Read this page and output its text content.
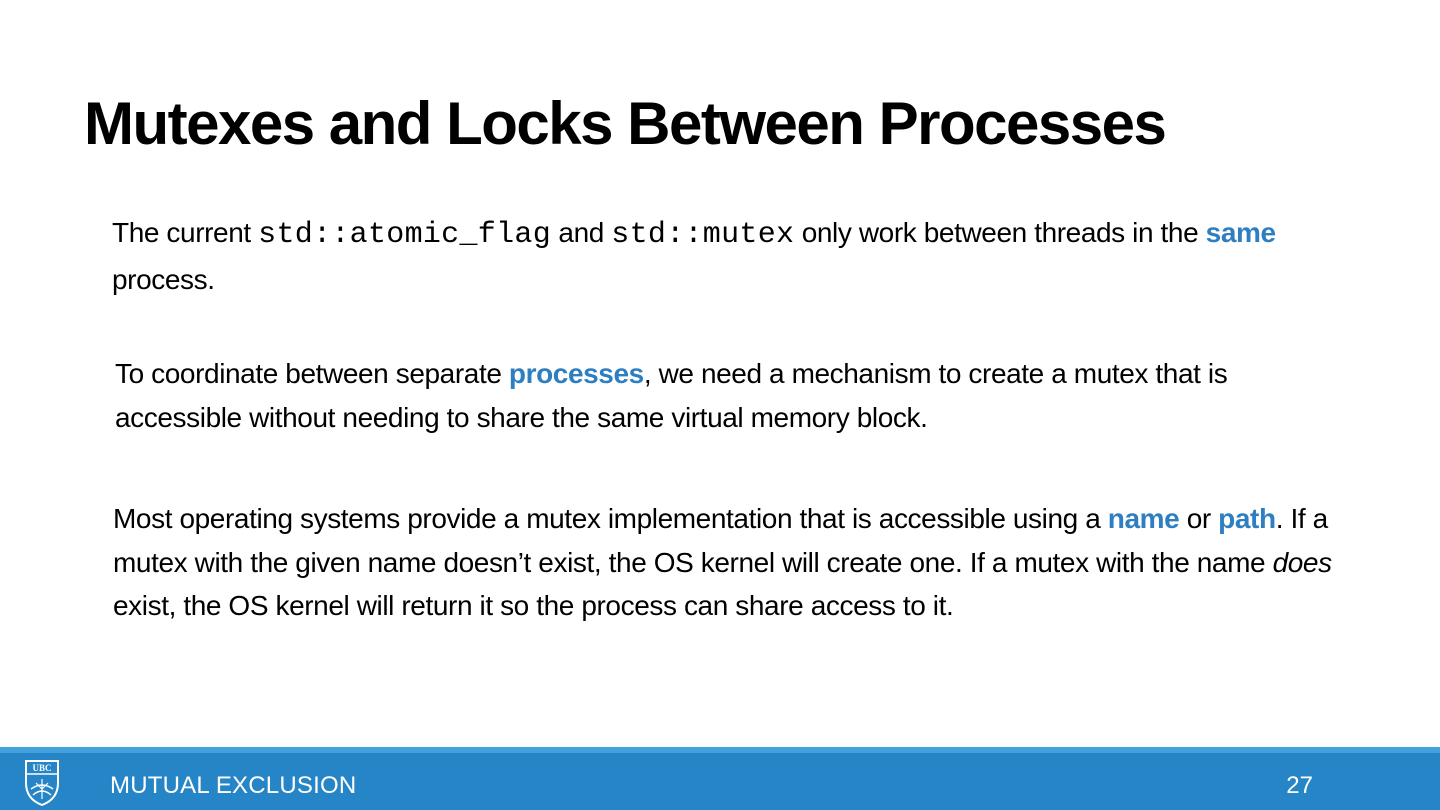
Mutexes and Locks Between Processes

The current std::atomic_flag and std::mutex only work between threads in the same process.

To coordinate between separate processes, we need a mechanism to create a mutex that is accessible without needing to share the same virtual memory block.

Most operating systems provide a mutex implementation that is accessible using a name or path. If a mutex with the given name doesn’t exist, the OS kernel will create one. If a mutex with the name does exist, the OS kernel will return it so the process can share access to it.

UBC
MUTUAL EXCLUSION	27
